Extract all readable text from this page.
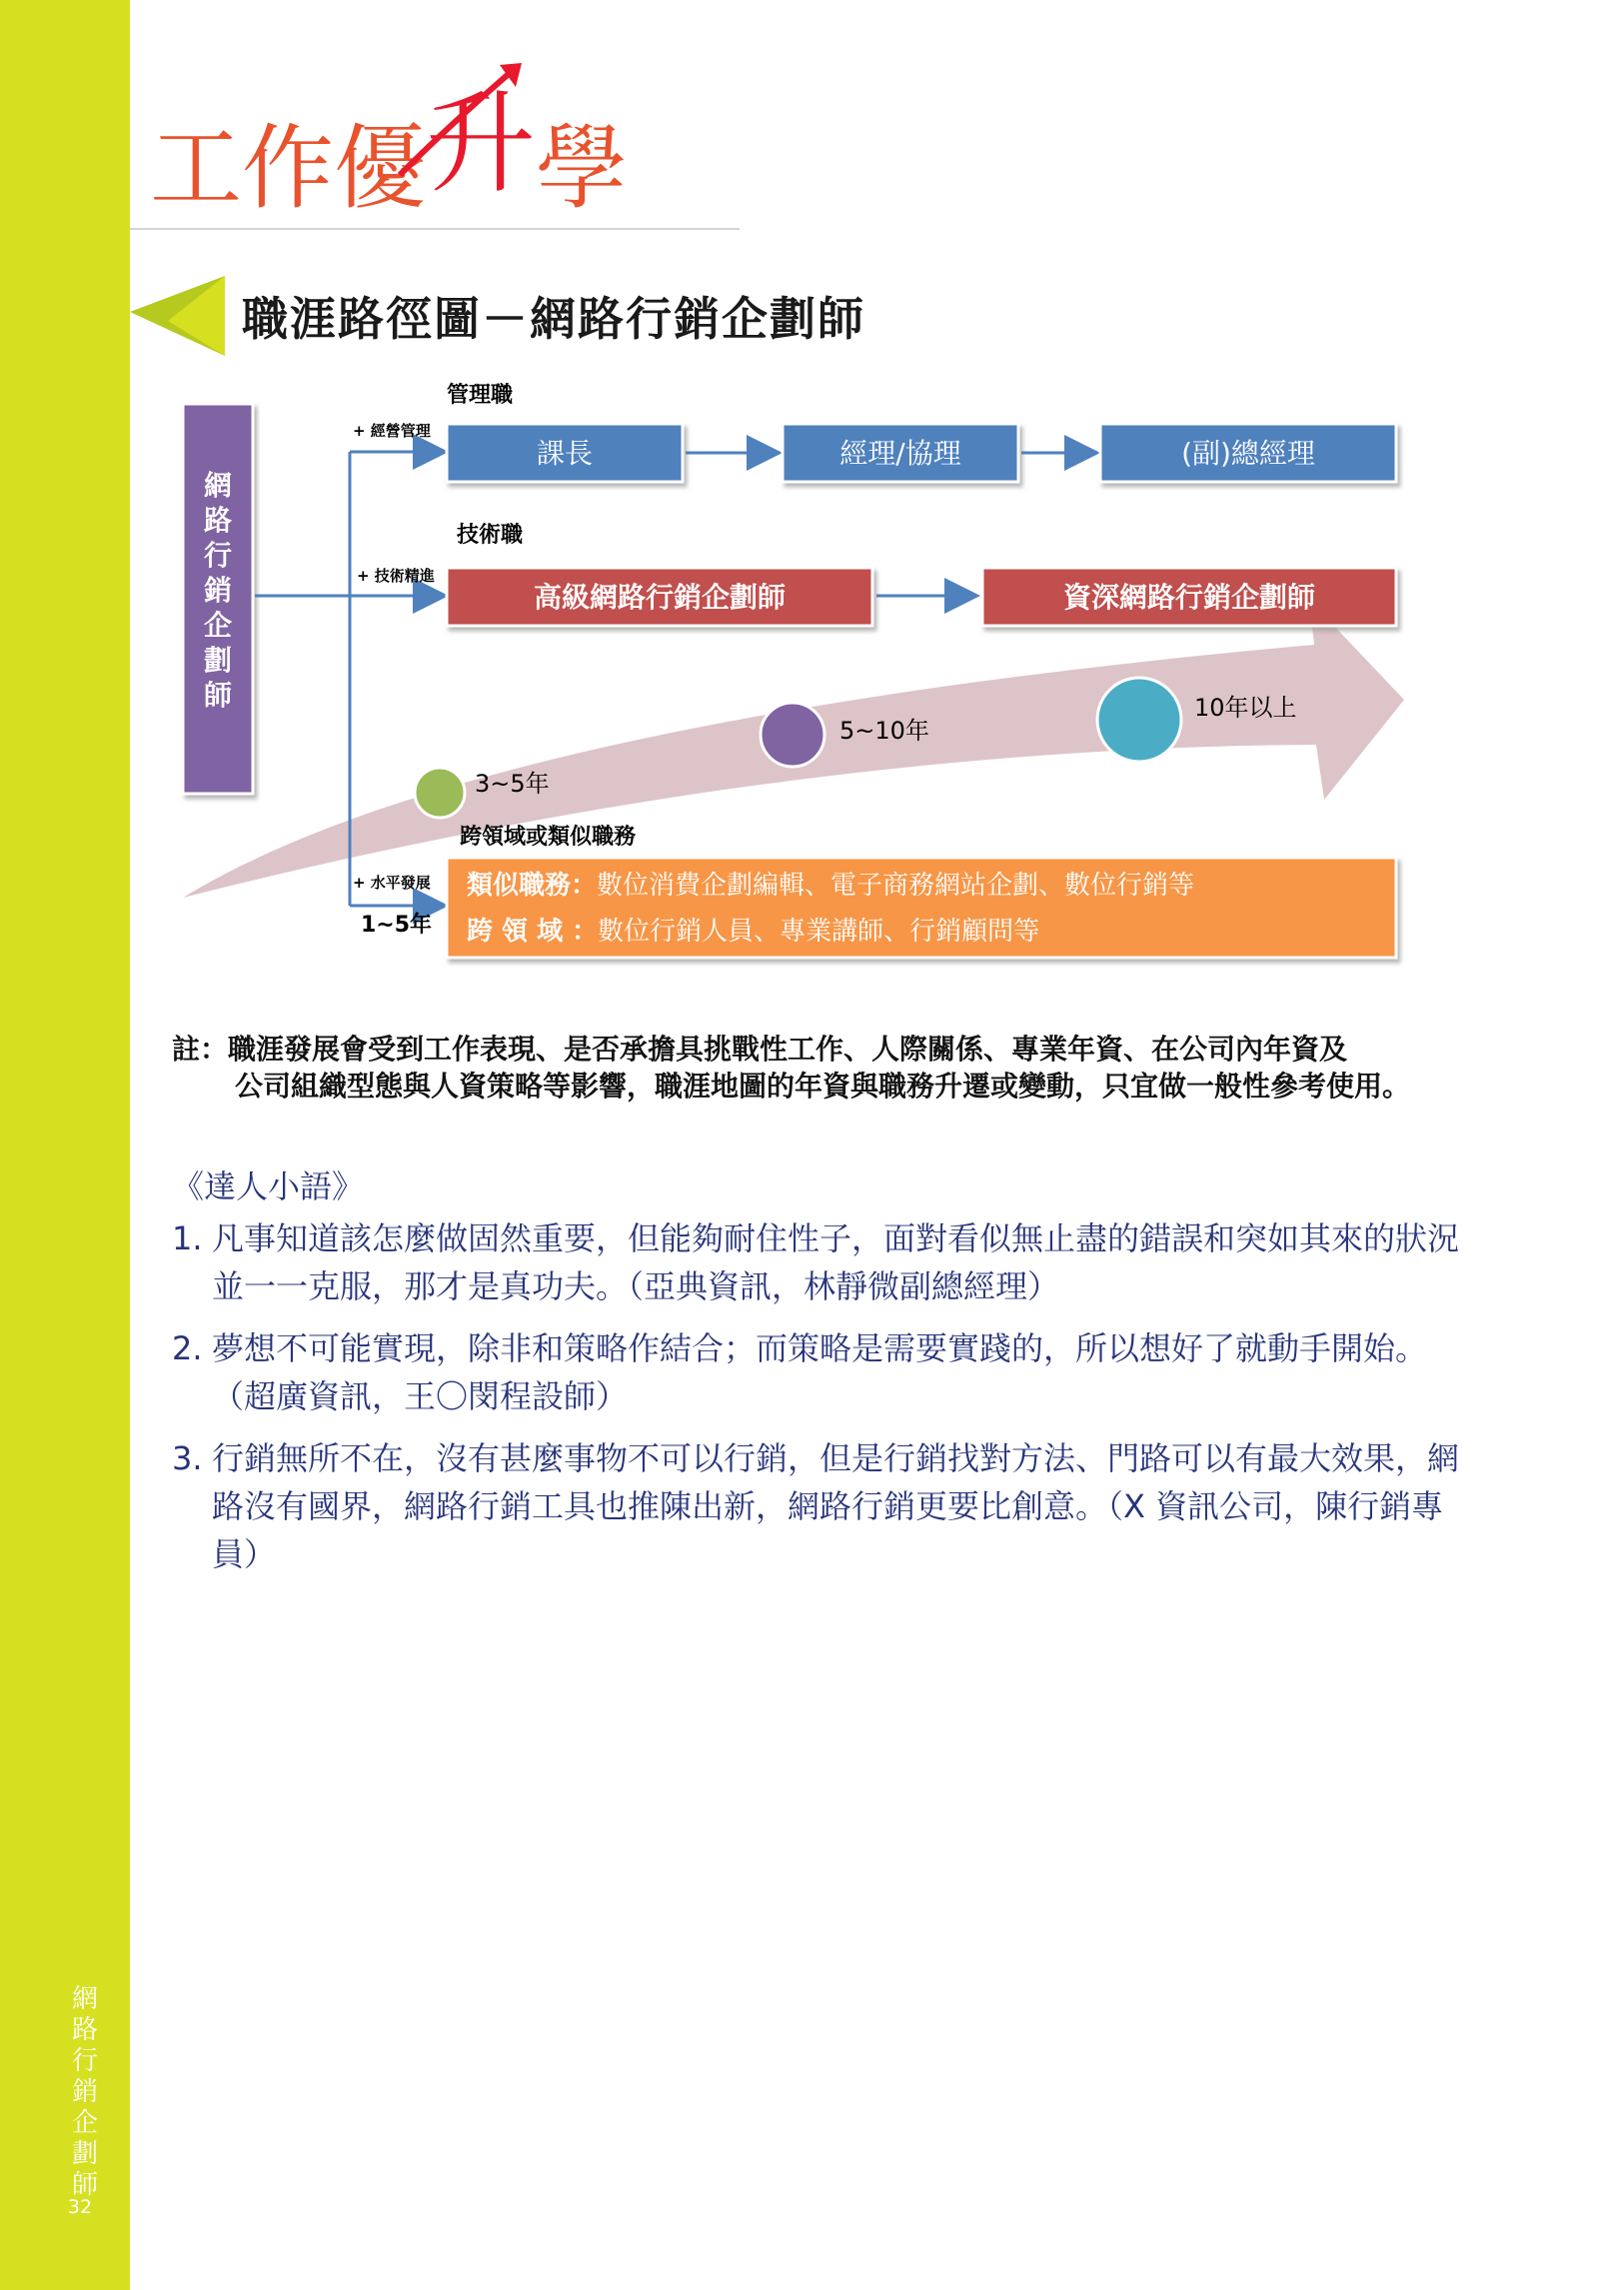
網路行銷企劃師
32
工作優升學
職涯路徑圖－網路行銷企劃師
網
路
行
銷
企
劃
師
+ 經營管理
+ 技術精進
+ 水平發展
1~5年
管理職
課長	經理/協理	(副)總經理
技術職
高級網路行銷企劃師	資深網路行銷企劃師
3~5年
5~10年
10年以上
跨領域或類似職務
類似職務：數位消費企劃編輯、電子商務網站企劃、數位行銷等
跨 領 域 ：數位行銷人員、專業講師、行銷顧問等
註：職涯發展會受到工作表現、是否承擔具挑戰性工作、人際關係、專業年資、在公司內年資及
公司組織型態與人資策略等影響，職涯地圖的年資與職務升遷或變動，只宜做一般性參考使用。
《達人小語》
1. 凡事知道該怎麼做固然重要，但能夠耐住性子，面對看似無止盡的錯誤和突如其來的狀況並一一克服，那才是真功夫。（亞典資訊，林靜微副總經理）
2. 夢想不可能實現，除非和策略作結合；而策略是需要實踐的，所以想好了就動手開始。（超廣資訊，王〇閔程設師）
3. 行銷無所不在，沒有甚麼事物不可以行銷，但是行銷找對方法、門路可以有最大效果，網路沒有國界，網路行銷工具也推陳出新，網路行銷更要比創意。（X 資訊公司，陳行銷專員）
